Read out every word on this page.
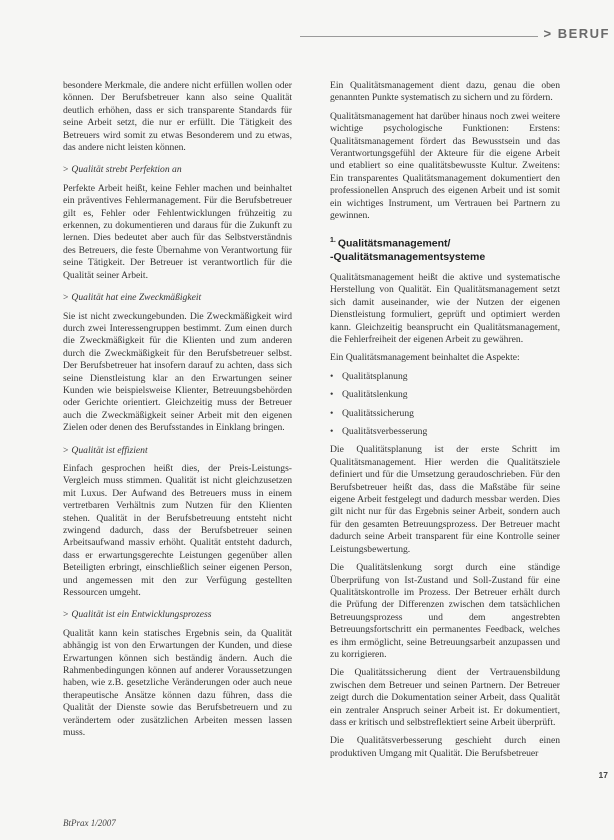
> BERUF

besondere Merkmale, die andere nicht erfüllen wollen oder können. Der Berufsbetreuer kann also seine Qualität deutlich erhöhen, dass er sich transparente Standards für seine Arbeit setzt, die nur er erfüllt. Die Tätigkeit des Betreuers wird somit zu etwas Besonderem und zu etwas, das andere nicht leisten können.

> Qualität strebt Perfektion an

Perfekte Arbeit heißt, keine Fehler machen und beinhaltet ein präventives Fehlermanagement. Für die Berufsbetreuer gilt es, Fehler oder Fehlentwicklungen frühzeitig zu erkennen, zu dokumentieren und daraus für die Zukunft zu lernen. Dies bedeutet aber auch für das Selbstverständnis des Betreuers, die feste Übernahme von Verantwortung für seine Tätigkeit. Der Betreuer ist verantwortlich für die Qualität seiner Arbeit.

> Qualität hat eine Zweckmäßigkeit

Sie ist nicht zweckungebunden. Die Zweckmäßigkeit wird durch zwei Interessengruppen bestimmt. Zum einen durch die Zweckmäßigkeit für die Klienten und zum anderen durch die Zweckmäßigkeit für den Berufsbetreuer selbst. Der Berufsbetreuer hat insofern darauf zu achten, dass sich seine Dienstleistung klar an den Erwartungen seiner Kunden wie beispielsweise Klienter, Betreuungsbehörden oder Gerichte orientiert. Gleichzeitig muss der Betreuer auch die Zweckmäßigkeit seiner Arbeit mit den eigenen Zielen oder denen des Berufsstandes in Einklang bringen.

> Qualität ist effizient

Einfach gesprochen heißt dies, der Preis-Leistungs-Vergleich muss stimmen. Qualität ist nicht gleichzusetzen mit Luxus. Der Aufwand des Betreuers muss in einem vertretbaren Verhältnis zum Nutzen für den Klienten stehen. Qualität in der Berufsbetreuung entsteht nicht zwingend dadurch, dass der Berufsbetreuer seinen Arbeitsaufwand massiv erhöht. Qualität entsteht dadurch, dass er erwartungsgerechte Leistungen gegenüber allen Beteiligten erbringt, einschließlich seiner eigenen Person, und angemessen mit den zur Verfügung gestellten Ressourcen umgeht.

> Qualität ist ein Entwicklungsprozess

Qualität kann kein statisches Ergebnis sein, da Qualität abhängig ist von den Erwartungen der Kunden, und diese Erwartungen können sich beständig ändern. Auch die Rahmenbedingungen können auf anderer Voraussetzungen haben, wie z.B. gesetzliche Veränderungen oder auch neue therapeutische Ansätze können dazu führen, dass die Qualität der Dienste sowie das Berufsbetreuern und zu verändertem oder zusätzlichen Arbeiten messen lassen muss.

Ein Qualitätsmanagement dient dazu, genau die oben genannten Punkte systematisch zu sichern und zu fördern.

Qualitätsmanagement hat darüber hinaus noch zwei weitere wichtige psychologische Funktionen: Erstens: Qualitätsmanagement fördert das Bewusstsein und das Verantwortungsgefühl der Akteure für die eigene Arbeit und etabliert so eine qualitätsbewusste Kultur. Zweitens: Ein transparentes Qualitätsmanagement dokumentiert den professionellen Anspruch des eigenen Arbeit und ist somit ein wichtiges Instrument, um Vertrauen bei Partnern zu gewinnen.

$^{1.}$ Qualitätsmanagement/
-Qualitätsmanagementsysteme

Qualitätsmanagement heißt die aktive und systematische Herstellung von Qualität. Ein Qualitätsmanagement setzt sich damit auseinander, wie der Nutzen der eigenen Dienstleistung formuliert, geprüft und optimiert werden kann. Gleichzeitig beansprucht ein Qualitätsmanagement, die Fehlerfreiheit der eigenen Arbeit zu gewähren.

Ein Qualitätsmanagement beinhaltet die Aspekte:

• Qualitätsplanung
• Qualitätslenkung
• Qualitätssicherung
• Qualitätsverbesserung

Die Qualitätsplanung ist der erste Schritt im Qualitätsmanagement. Hier werden die Qualitätsziele definiert und für die Umsetzung geraudoschrieben. Für den Berufsbetreuer heißt das, dass die Maßstäbe für seine eigene Arbeit festgelegt und dadurch messbar werden. Dies gilt nicht nur für das Ergebnis seiner Arbeit, sondern auch für den gesamten Betreuungsprozess. Der Betreuer macht dadurch seine Arbeit transparent für eine Kontrolle seiner Leistungsbewertung.

Die Qualitätslenkung sorgt durch eine ständige Überprüfung von Ist-Zustand und Soll-Zustand für eine Qualitätskontrolle im Prozess. Der Betreuer erhält durch die Prüfung der Differenzen zwischen dem tatsächlichen Betreuungsprozess und dem angestrebten Betreuungsfortschritt ein permanentes Feedback, welches es ihm ermöglicht, seine Betreuungsarbeit anzupassen und zu korrigieren.

Die Qualitätssicherung dient der Vertrauensbildung zwischen dem Betreuer und seinen Partnern. Der Betreuer zeigt durch die Dokumentation seiner Arbeit, dass Qualität ein zentraler Anspruch seiner Arbeit ist. Er dokumentiert, dass er kritisch und selbstreflektiert seine Arbeit überprüft.

Die Qualitätsverbesserung geschieht durch einen produktiven Umgang mit Qualität. Die Berufsbetreuer

17
BtPrax 1/2007
